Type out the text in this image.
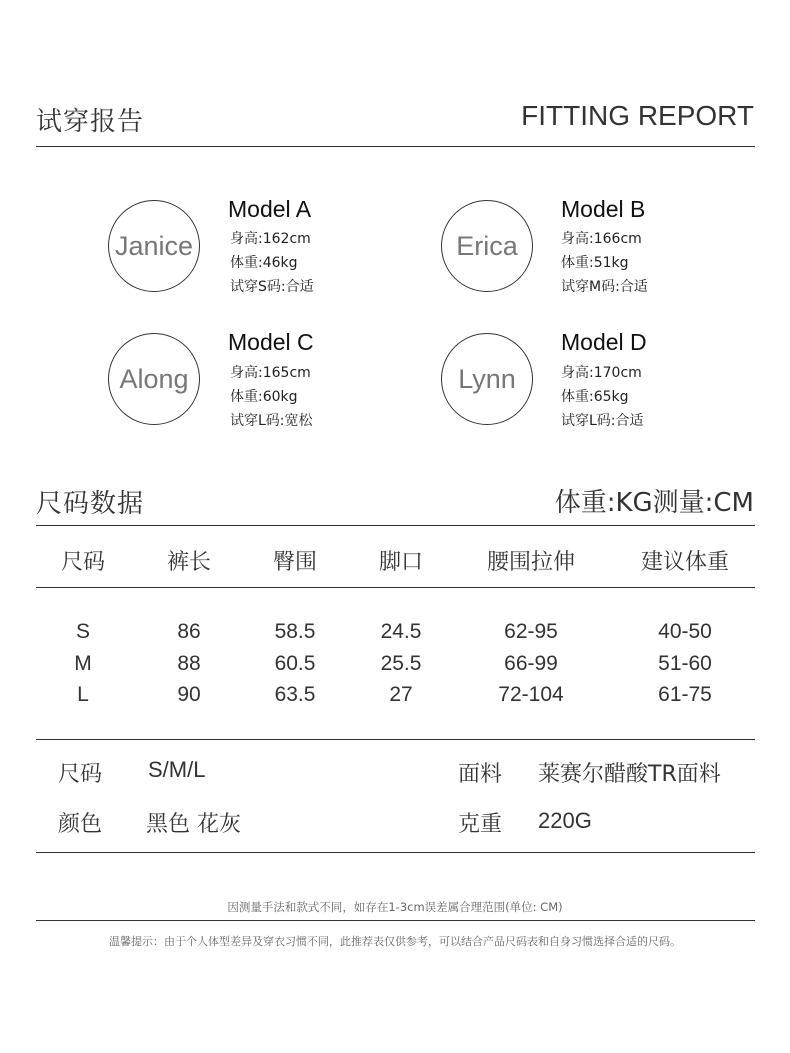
试穿报告	FITTING REPORT
Janice
Model A
身高:162cm
体重:46kg
试穿S码:合适
Erica
Model B
身高:166cm
体重:51kg
试穿M码:合适
Along
Model C
身高:165cm
体重:60kg
试穿L码:宽松
Lynn
Model D
身高:170cm
体重:65kg
试穿L码:合适
尺码数据	体重:KG测量:CM
尺码	裤长	臀围	脚口	腰围拉伸	建议体重
S	86	58.5	24.5	62-95	40-50
M	88	60.5	25.5	66-99	51-60
L	90	63.5	27	72-104	61-75
尺码 S/M/L	面料 莱赛尔醋酸TR面料
颜色 黑色 花灰	克重 220G
因测量手法和款式不同，如存在1-3cm误差属合理范围(单位: CM)
温馨提示：由于个人体型差异及穿衣习惯不同，此推荐表仅供参考，可以结合产品尺码表和自身习惯选择合适的尺码。
